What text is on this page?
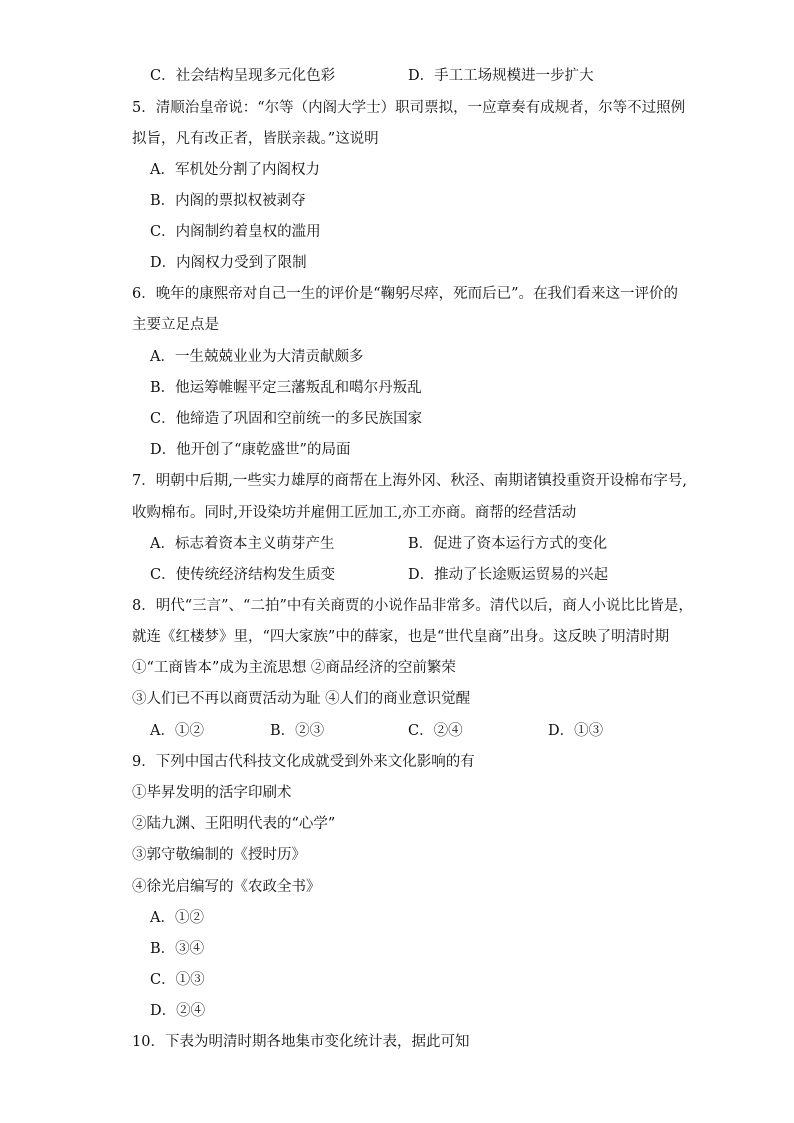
C．社会结构呈现多元化色彩	D．手工工场规模进一步扩大
5．清顺治皇帝说：“尔等（内阁大学士）职司票拟，一应章奏有成规者，尔等不过照例
拟旨，凡有改正者，皆朕亲裁。”这说明
A．军机处分割了内阁权力
B．内阁的票拟权被剥夺
C．内阁制约着皇权的滥用
D．内阁权力受到了限制
6．晚年的康熙帝对自己一生的评价是“鞠躬尽瘁，死而后已”。在我们看来这一评价的
主要立足点是
A．一生兢兢业业为大清贡献颇多
B．他运筹帷幄平定三藩叛乱和噶尔丹叛乱
C．他缔造了巩固和空前统一的多民族国家
D．他开创了“康乾盛世”的局面
7．明朝中后期,一些实力雄厚的商帮在上海外冈、秋泾、南期诸镇投重资开设棉布字号,
收购棉布。同时,开设染坊并雇佣工匠加工,亦工亦商。商帮的经营活动
A．标志着资本主义萌芽产生	B．促进了资本运行方式的变化
C．使传统经济结构发生质变	D．推动了长途贩运贸易的兴起
8．明代“三言”、“二拍”中有关商贾的小说作品非常多。清代以后，商人小说比比皆是，
就连《红楼梦》里，“四大家族”中的薛家，也是“世代皇商”出身。这反映了明清时期
①“工商皆本”成为主流思想 ②商品经济的空前繁荣
③人们已不再以商贾活动为耻 ④人们的商业意识觉醒
A．①②	B．②③	C．②④	D．①③
9．下列中国古代科技文化成就受到外来文化影响的有
①毕昇发明的活字印刷术
②陆九渊、王阳明代表的“心学”
③郭守敬编制的《授时历》
④徐光启编写的《农政全书》
A．①②
B．③④
C．①③
D．②④
10．下表为明清时期各地集市变化统计表，据此可知
